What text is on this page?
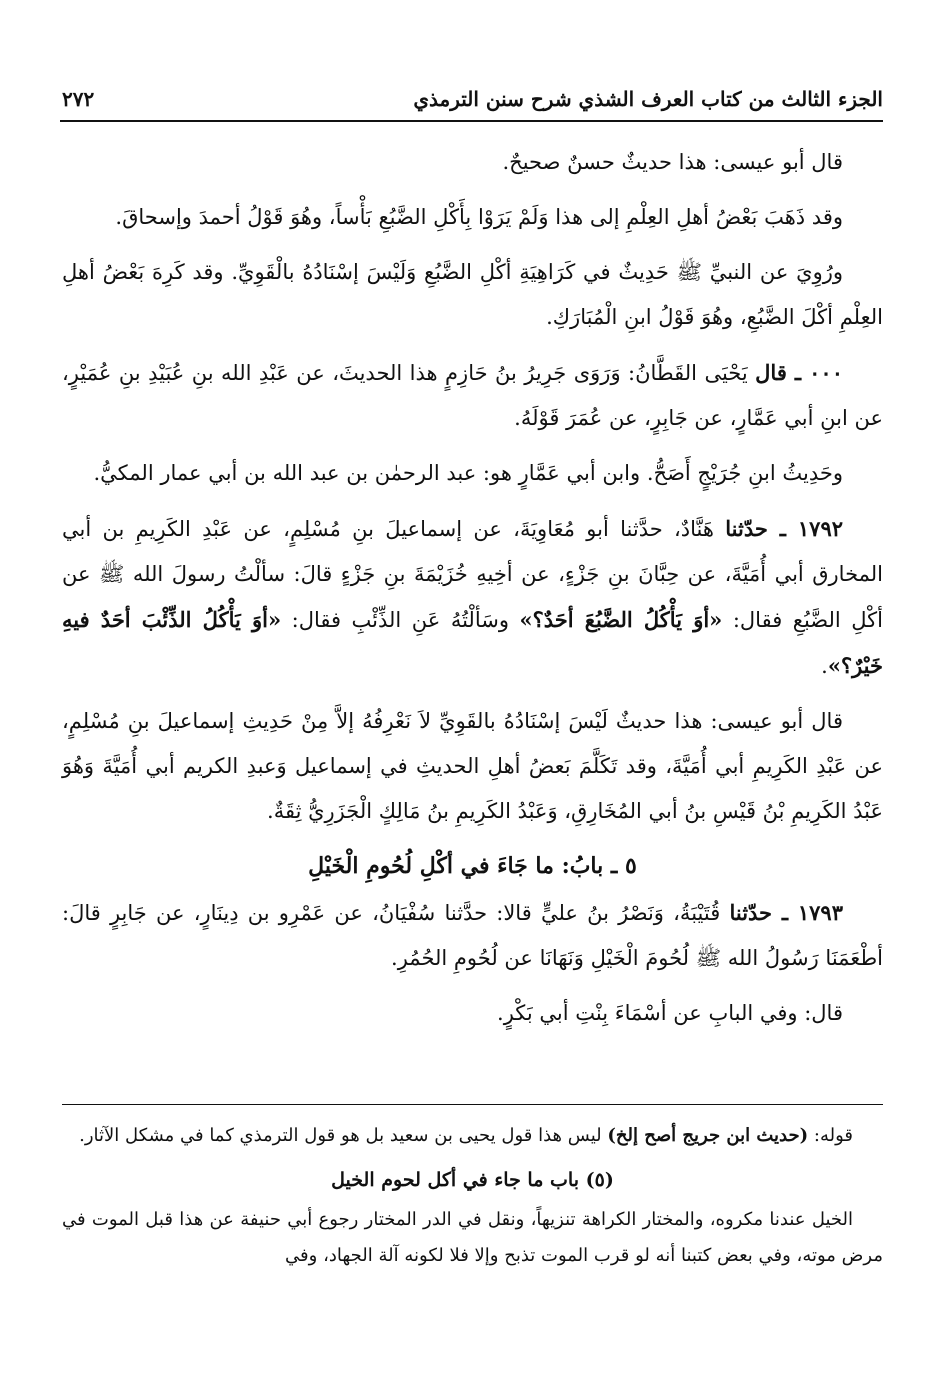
الجزء الثالث من كتاب العرف الشذي شرح سنن الترمذي
٢٧٢

قال أبو عيسى: هذا حديثٌ حسنٌ صحيحٌ.

وقد ذَهَبَ بَعْضُ أهلِ العِلْمِ إلى هذا وَلَمْ يَرَوْا بِأَكْلِ الضَّبُعِ بَأْساً، وهُوَ قَوْلُ أحمدَ وإسحاقَ.

ورُوِيَ عن النبيِّ ﷺ حَدِيثٌ في كَرَاهِيَةِ أكْلِ الضَّبُعِ وَلَيْسَ إسْنَادُهُ بالْقَوِيِّ. وقد كَرِهَ بَعْضُ أهلِ العِلْمِ أكْلَ الضَّبُعِ، وهُوَ قَوْلُ ابنِ الْمُبَارَكِ.

٠٠٠ ـ قال يَحْيَى القَطَّانُ: وَرَوَى جَرِيرُ بنُ حَازِمٍ هذا الحديثَ، عن عَبْدِ الله بنِ عُبَيْدِ بنِ عُمَيْرٍ، عن ابنِ أبي عَمَّارٍ، عن جَابِرٍ، عن عُمَرَ قَوْلَهُ.

وحَدِيثُ ابنِ جُرَيْجٍ أَصَحُّ. وابن أبي عَمَّارٍ هو: عبد الرحمٰن بن عبد الله بن أبي عمار المكيُّ.

١٧٩٢ ـ حدّثنا هَنَّادٌ، حدَّثنا أبو مُعَاوِيَةَ، عن إسماعيلَ بنِ مُسْلِمٍ، عن عَبْدِ الكَرِيمِ بن أبي المخارق أبي أُمَيَّةَ، عن حِبَّانَ بنِ جَزْءٍ، عن أخِيهِ خُزَيْمَةَ بنِ جَزْءٍ قالَ: سألْتُ رسولَ الله ﷺ عن أكْلِ الضَّبُعِ فقال: «أوَ يَأْكُلُ الضَّبُعَ أحَدٌ؟» وسَألْتُهُ عَنِ الذِّئْبِ فقال: «أوَ يَأْكُلُ الذِّئْبَ أحَدٌ فيهِ خَيْرٌ؟».

قال أبو عيسى: هذا حديثٌ لَيْسَ إسْنَادُهُ بالقَوِيِّ لاَ نَعْرِفُهُ إلاَّ مِنْ حَدِيثِ إسماعيلَ بنِ مُسْلِمٍ، عن عَبْدِ الكَرِيمِ أبي أُمَيَّةَ، وقد تَكَلَّمَ بَعضُ أهلِ الحديثِ في إسماعيل وَعبدِ الكريم أبي أُمَيَّةَ وَهُوَ عَبْدُ الكَرِيمِ بْنُ قَيْسِ بنُ أبي المُخَارِقِ، وَعَبْدُ الكَرِيمِ بنُ مَالِكٍ الْجَزَرِيُّ ثِقَةٌ.

٥ ـ بابُ: ما جَاءَ في أكْلِ لُحُومِ الْخَيْلِ

١٧٩٣ ـ حدّثنا قُتَيْبَةُ، وَنَصْرُ بنُ عليٍّ قالا: حدَّثنا سُفْيَانُ، عن عَمْرِو بن دِينَارٍ، عن جَابِرٍ قالَ: أطْعَمَنَا رَسُولُ الله ﷺ لُحُومَ الْخَيْلِ وَنَهَانَا عن لُحُومِ الحُمُرِ.

قال: وفي البابِ عن أسْمَاءَ بِنْتِ أبي بَكْرٍ.

قوله: (حديث ابن جريج أصح إلخ) ليس هذا قول يحيى بن سعيد بل هو قول الترمذي كما في مشكل الآثار.

(٥) باب ما جاء في أكل لحوم الخيل

الخيل عندنا مكروه، والمختار الكراهة تنزيهاً، ونقل في الدر المختار رجوع أبي حنيفة عن هذا قبل الموت في مرض موته، وفي بعض كتبنا أنه لو قرب الموت تذبح وإلا فلا لكونه آلة الجهاد، وفي
